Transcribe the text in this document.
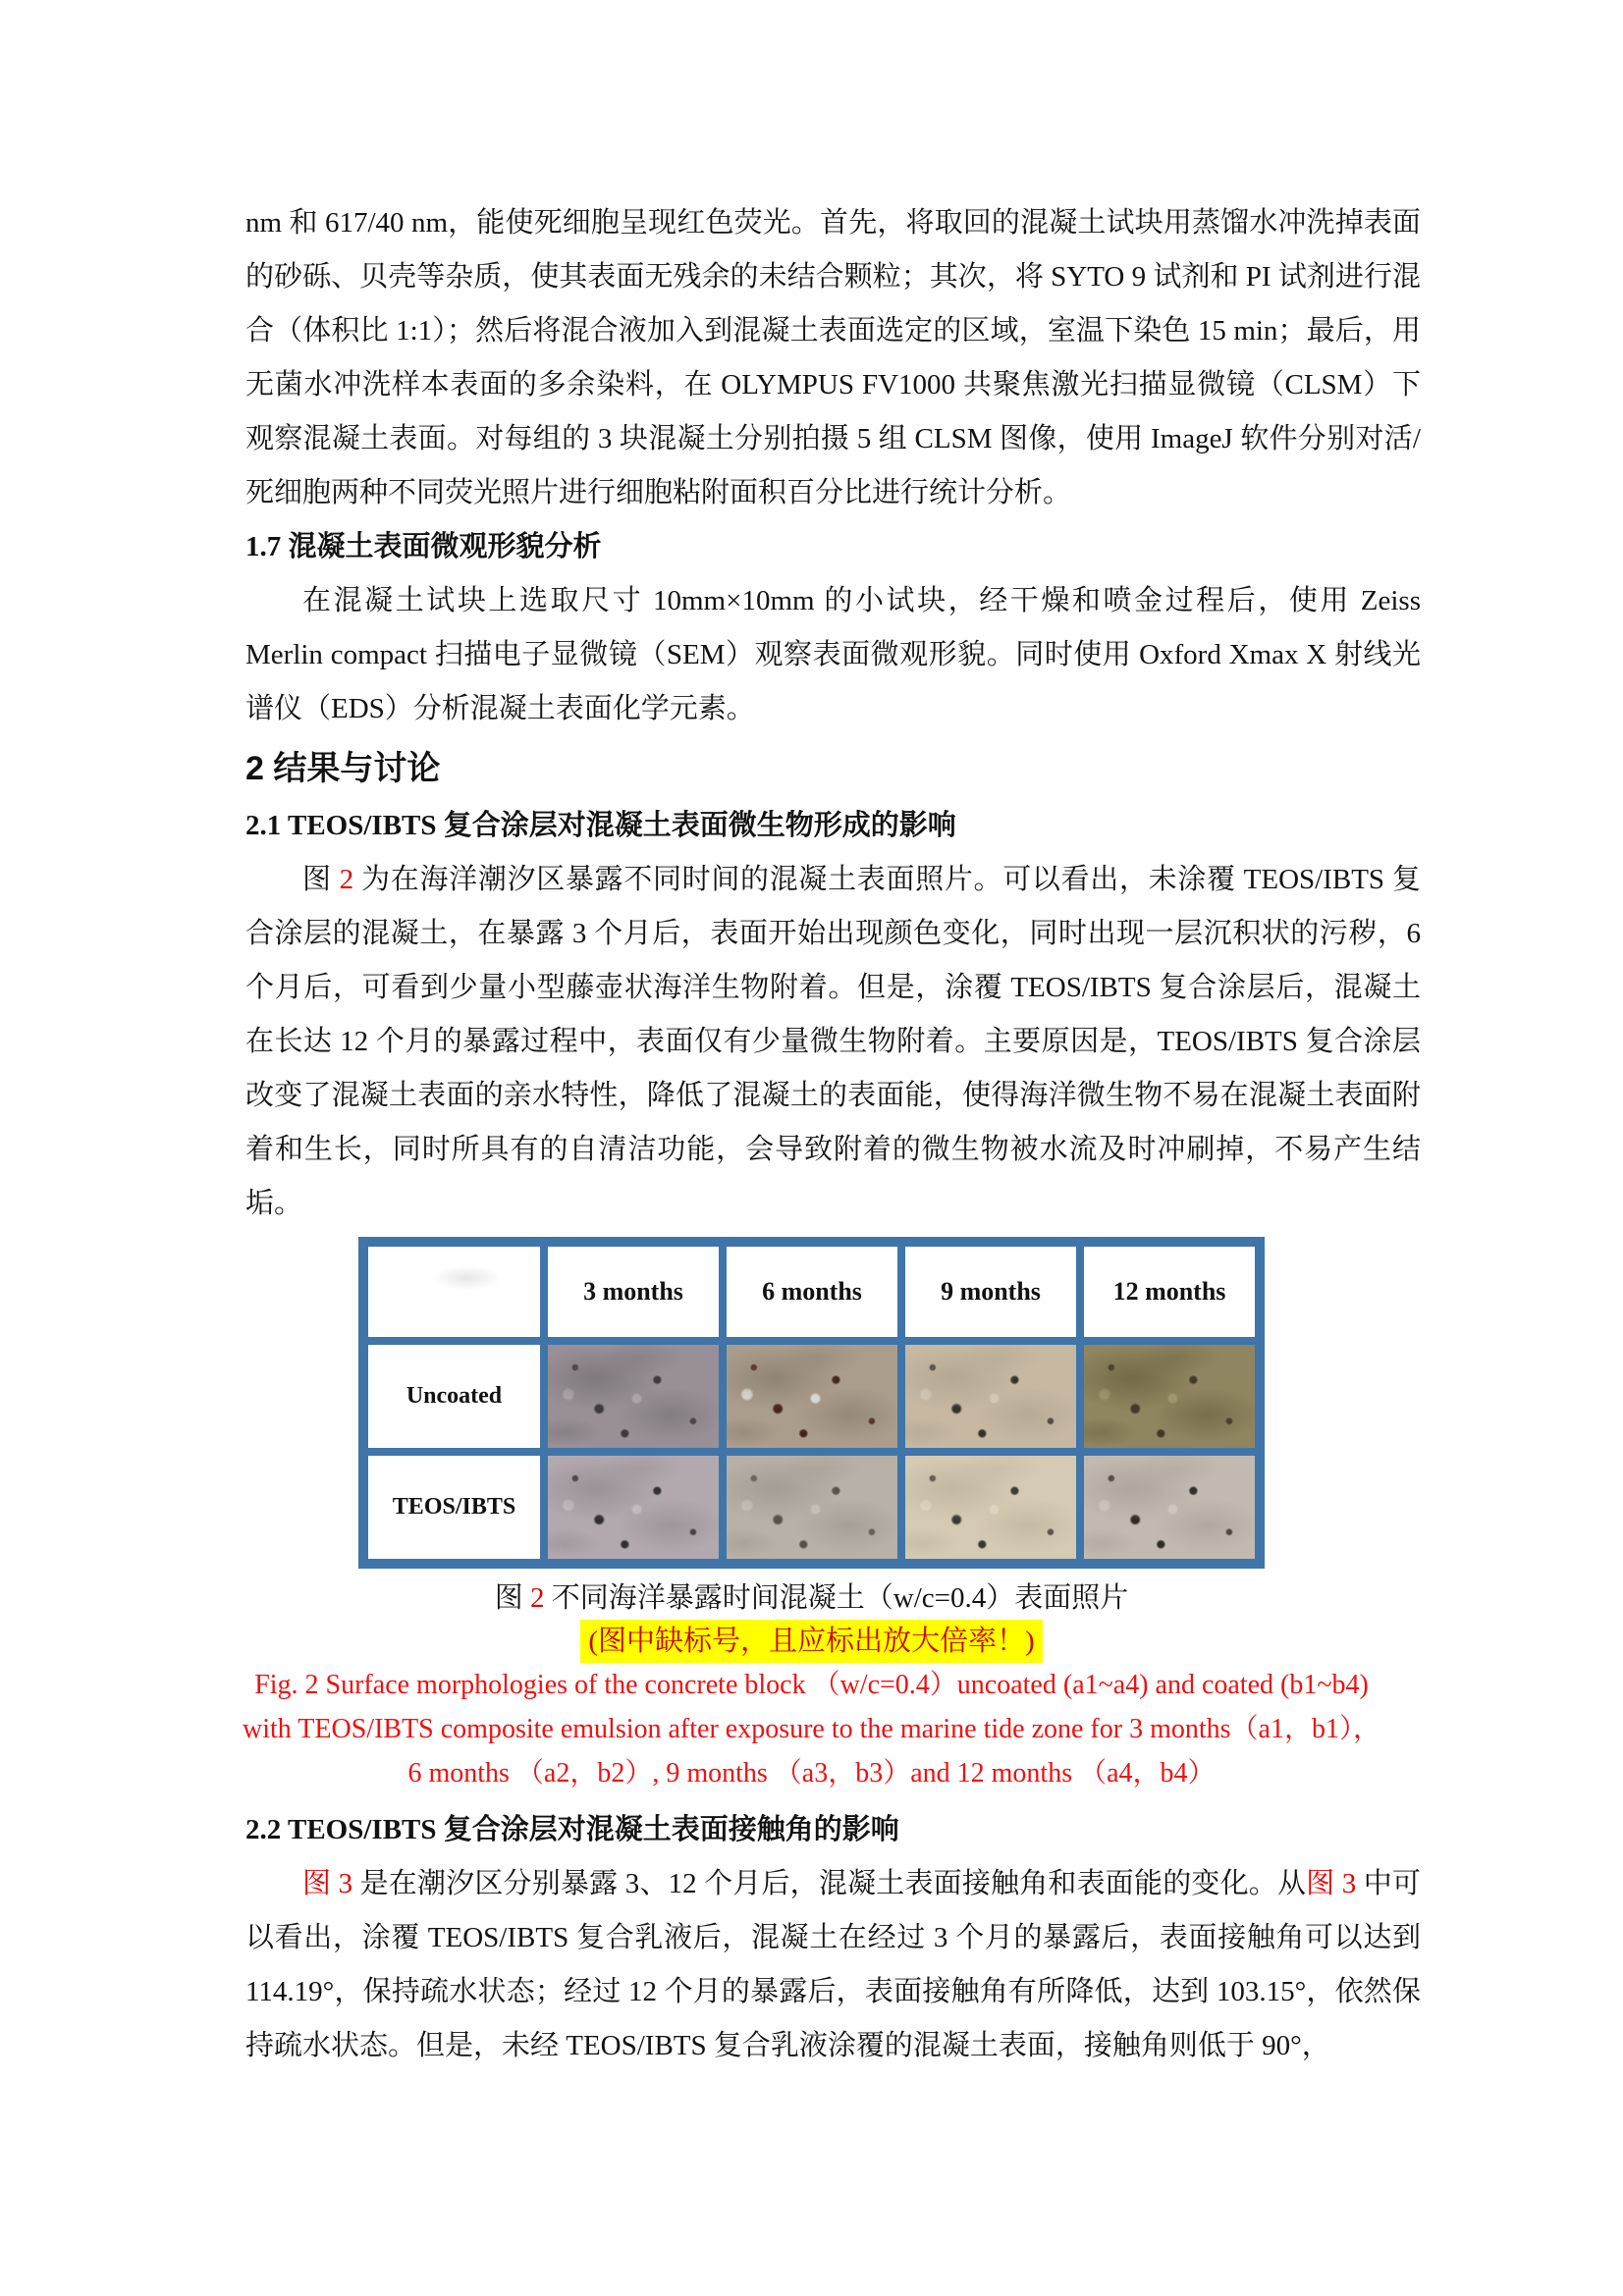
nm 和 617/40 nm，能使死细胞呈现红色荧光。首先，将取回的混凝土试块用蒸馏水冲洗掉表面的砂砾、贝壳等杂质，使其表面无残余的未结合颗粒；其次，将 SYTO 9 试剂和 PI 试剂进行混合（体积比 1:1）；然后将混合液加入到混凝土表面选定的区域，室温下染色 15 min；最后，用无菌水冲洗样本表面的多余染料，在 OLYMPUS FV1000 共聚焦激光扫描显微镜（CLSM）下观察混凝土表面。对每组的 3 块混凝土分别拍摄 5 组 CLSM 图像，使用 ImageJ 软件分别对活/死细胞两种不同荧光照片进行细胞粘附面积百分比进行统计分析。

1.7 混凝土表面微观形貌分析

在混凝土试块上选取尺寸 10mm×10mm 的小试块，经干燥和喷金过程后，使用 Zeiss Merlin compact 扫描电子显微镜（SEM）观察表面微观形貌。同时使用 Oxford Xmax X 射线光谱仪（EDS）分析混凝土表面化学元素。

2 结果与讨论

2.1 TEOS/IBTS 复合涂层对混凝土表面微生物形成的影响

图 2 为在海洋潮汐区暴露不同时间的混凝土表面照片。可以看出，未涂覆 TEOS/IBTS 复合涂层的混凝土，在暴露 3 个月后，表面开始出现颜色变化，同时出现一层沉积状的污秽，6 个月后，可看到少量小型藤壶状海洋生物附着。但是，涂覆 TEOS/IBTS 复合涂层后，混凝土在长达 12 个月的暴露过程中，表面仅有少量微生物附着。主要原因是，TEOS/IBTS 复合涂层改变了混凝土表面的亲水特性，降低了混凝土的表面能，使得海洋微生物不易在混凝土表面附着和生长，同时所具有的自清洁功能，会导致附着的微生物被水流及时冲刷掉，不易产生结垢。

3 months	6 months	9 months	12 months
Uncoated
TEOS/IBTS

图 2 不同海洋暴露时间混凝土（w/c=0.4）表面照片

(图中缺标号，且应标出放大倍率！)

Fig. 2 Surface morphologies of the concrete block （w/c=0.4）uncoated (a1~a4) and coated (b1~b4)

with TEOS/IBTS composite emulsion after exposure to the marine tide zone for 3 months（a1，b1），

6 months （a2，b2）, 9 months （a3，b3）and 12 months （a4，b4）

2.2 TEOS/IBTS 复合涂层对混凝土表面接触角的影响

图 3 是在潮汐区分别暴露 3、12 个月后，混凝土表面接触角和表面能的变化。从图 3 中可以看出，涂覆 TEOS/IBTS 复合乳液后，混凝土在经过 3 个月的暴露后，表面接触角可以达到 114.19°，保持疏水状态；经过 12 个月的暴露后，表面接触角有所降低，达到 103.15°，依然保持疏水状态。但是，未经 TEOS/IBTS 复合乳液涂覆的混凝土表面，接触角则低于 90°，
